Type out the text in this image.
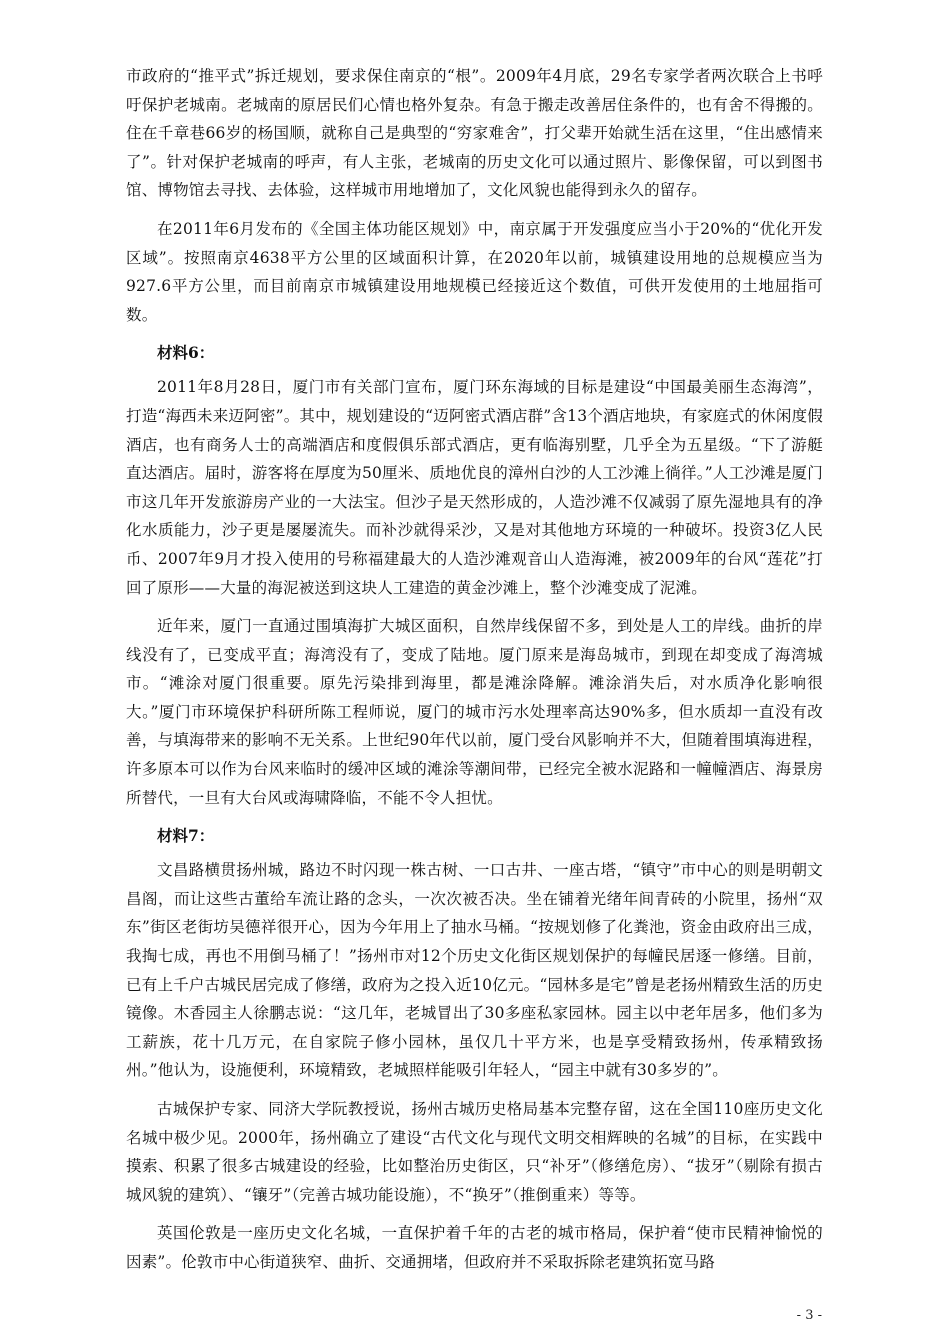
市政府的“推平式”拆迁规划，要求保住南京的“根”。2009年4月底，29名专家学者两次联合上书呼吁保护老城南。老城南的原居民们心情也格外复杂。有急于搬走改善居住条件的，也有舍不得搬的。住在千章巷66岁的杨国顺，就称自己是典型的“穷家难舍”，打父辈开始就生活在这里，“住出感情来了”。针对保护老城南的呼声，有人主张，老城南的历史文化可以通过照片、影像保留，可以到图书馆、博物馆去寻找、去体验，这样城市用地增加了，文化风貌也能得到永久的留存。

在2011年6月发布的《全国主体功能区规划》中，南京属于开发强度应当小于20%的“优化开发区域”。按照南京4638平方公里的区域面积计算，在2020年以前，城镇建设用地的总规模应当为927.6平方公里，而目前南京市城镇建设用地规模已经接近这个数值，可供开发使用的土地屈指可数。

材料6：

2011年8月28日，厦门市有关部门宣布，厦门环东海域的目标是建设“中国最美丽生态海湾”，打造“海西未来迈阿密”。其中，规划建设的“迈阿密式酒店群”含13个酒店地块，有家庭式的休闲度假酒店，也有商务人士的高端酒店和度假俱乐部式酒店，更有临海别墅，几乎全为五星级。“下了游艇直达酒店。届时，游客将在厚度为50厘米、质地优良的漳州白沙的人工沙滩上徜徉。”人工沙滩是厦门市这几年开发旅游房产业的一大法宝。但沙子是天然形成的，人造沙滩不仅减弱了原先湿地具有的净化水质能力，沙子更是屡屡流失。而补沙就得采沙，又是对其他地方环境的一种破坏。投资3亿人民币、2007年9月才投入使用的号称福建最大的人造沙滩观音山人造海滩，被2009年的台风“莲花”打回了原形——大量的海泥被送到这块人工建造的黄金沙滩上，整个沙滩变成了泥滩。

近年来，厦门一直通过围填海扩大城区面积，自然岸线保留不多，到处是人工的岸线。曲折的岸线没有了，已变成平直；海湾没有了，变成了陆地。厦门原来是海岛城市，到现在却变成了海湾城市。“滩涂对厦门很重要。原先污染排到海里，都是滩涂降解。滩涂消失后，对水质净化影响很大。”厦门市环境保护科研所陈工程师说，厦门的城市污水处理率高达90%多，但水质却一直没有改善，与填海带来的影响不无关系。上世纪90年代以前，厦门受台风影响并不大，但随着围填海进程，许多原本可以作为台风来临时的缓冲区域的滩涂等潮间带，已经完全被水泥路和一幢幢酒店、海景房所替代，一旦有大台风或海啸降临，不能不令人担忧。

材料7：

文昌路横贯扬州城，路边不时闪现一株古树、一口古井、一座古塔，“镇守”市中心的则是明朝文昌阁，而让这些古董给车流让路的念头，一次次被否决。坐在铺着光绪年间青砖的小院里，扬州“双东”街区老街坊吴德祥很开心，因为今年用上了抽水马桶。“按规划修了化粪池，资金由政府出三成，我掏七成，再也不用倒马桶了！”扬州市对12个历史文化街区规划保护的每幢民居逐一修缮。目前，已有上千户古城民居完成了修缮，政府为之投入近10亿元。“园林多是宅”曾是老扬州精致生活的历史镜像。木香园主人徐鹏志说：“这几年，老城冒出了30多座私家园林。园主以中老年居多，他们多为工薪族，花十几万元，在自家院子修小园林，虽仅几十平方米，也是享受精致扬州，传承精致扬州。”他认为，设施便利，环境精致，老城照样能吸引年轻人，“园主中就有30多岁的”。

古城保护专家、同济大学阮教授说，扬州古城历史格局基本完整存留，这在全国110座历史文化名城中极少见。2000年，扬州确立了建设“古代文化与现代文明交相辉映的名城”的目标，在实践中摸索、积累了很多古城建设的经验，比如整治历史街区，只“补牙”（修缮危房）、“拔牙”（剔除有损古城风貌的建筑）、“镶牙”（完善古城功能设施），不“换牙”（推倒重来）等等。

英国伦敦是一座历史文化名城，一直保护着千年的古老的城市格局，保护着“使市民精神愉悦的因素”。伦敦市中心街道狭窄、曲折、交通拥堵，但政府并不采取拆除老建筑拓宽马路

- 3 -
